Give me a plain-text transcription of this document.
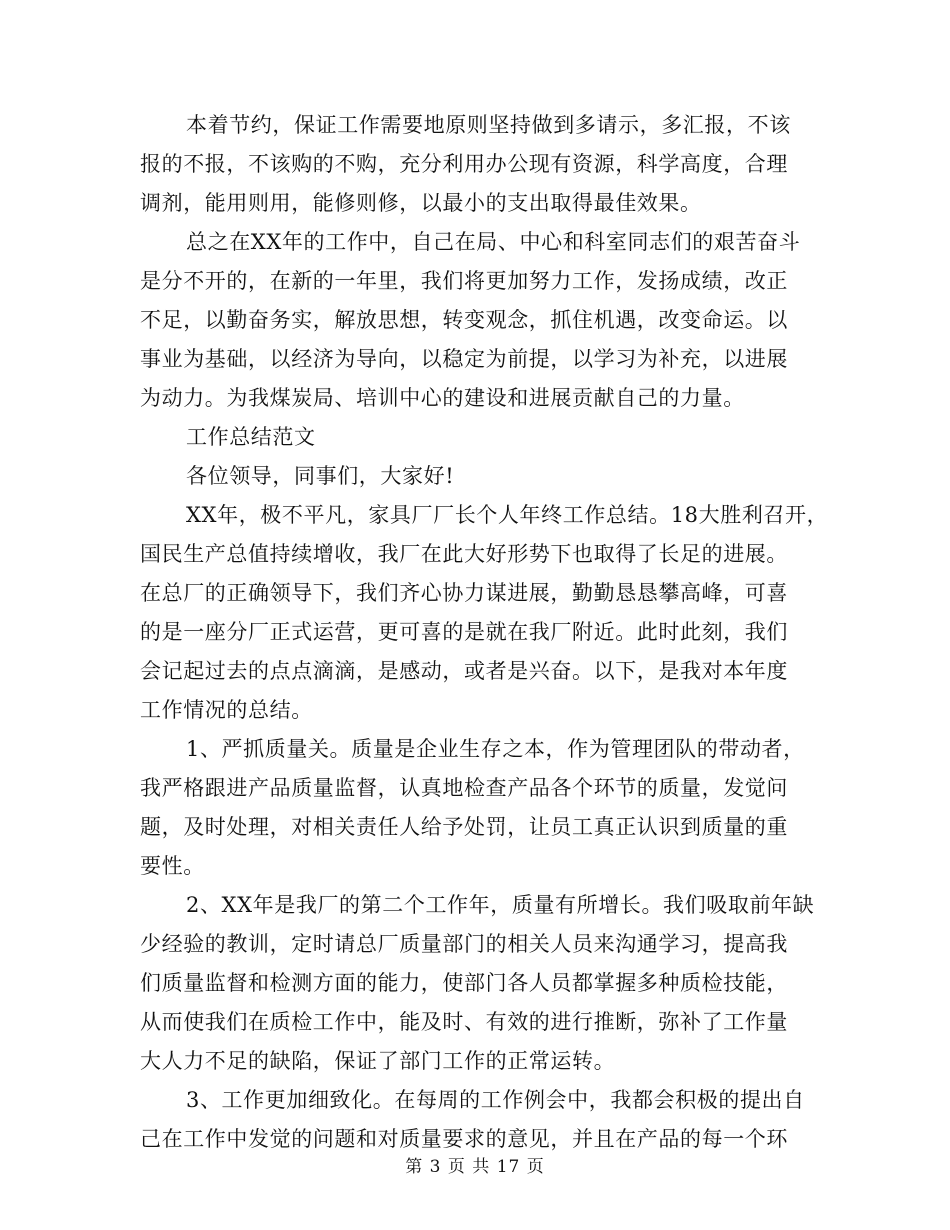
本着节约，保证工作需要地原则坚持做到多请示，多汇报，不该
报的不报，不该购的不购，充分利用办公现有资源，科学高度，合理
调剂，能用则用，能修则修，以最小的支出取得最佳效果。
总之在XX年的工作中，自己在局、中心和科室同志们的艰苦奋斗
是分不开的，在新的一年里，我们将更加努力工作，发扬成绩，改正
不足，以勤奋务实，解放思想，转变观念，抓住机遇，改变命运。以
事业为基础，以经济为导向，以稳定为前提，以学习为补充，以进展
为动力。为我煤炭局、培训中心的建设和进展贡献自己的力量。
工作总结范文
各位领导，同事们，大家好!
XX年，极不平凡，家具厂厂长个人年终工作总结。18大胜利召开，
国民生产总值持续增收，我厂在此大好形势下也取得了长足的进展。
在总厂的正确领导下，我们齐心协力谋进展，勤勤恳恳攀高峰，可喜
的是一座分厂正式运营，更可喜的是就在我厂附近。此时此刻，我们
会记起过去的点点滴滴，是感动，或者是兴奋。以下，是我对本年度
工作情况的总结。
1、严抓质量关。质量是企业生存之本，作为管理团队的带动者，
我严格跟进产品质量监督，认真地检查产品各个环节的质量，发觉问
题，及时处理，对相关责任人给予处罚，让员工真正认识到质量的重
要性。
2、XX年是我厂的第二个工作年，质量有所增长。我们吸取前年缺
少经验的教训，定时请总厂质量部门的相关人员来沟通学习，提高我
们质量监督和检测方面的能力，使部门各人员都掌握多种质检技能，
从而使我们在质检工作中，能及时、有效的进行推断，弥补了工作量
大人力不足的缺陷，保证了部门工作的正常运转。
3、工作更加细致化。在每周的工作例会中，我都会积极的提出自
己在工作中发觉的问题和对质量要求的意见，并且在产品的每一个环
第 3 页 共 17 页
